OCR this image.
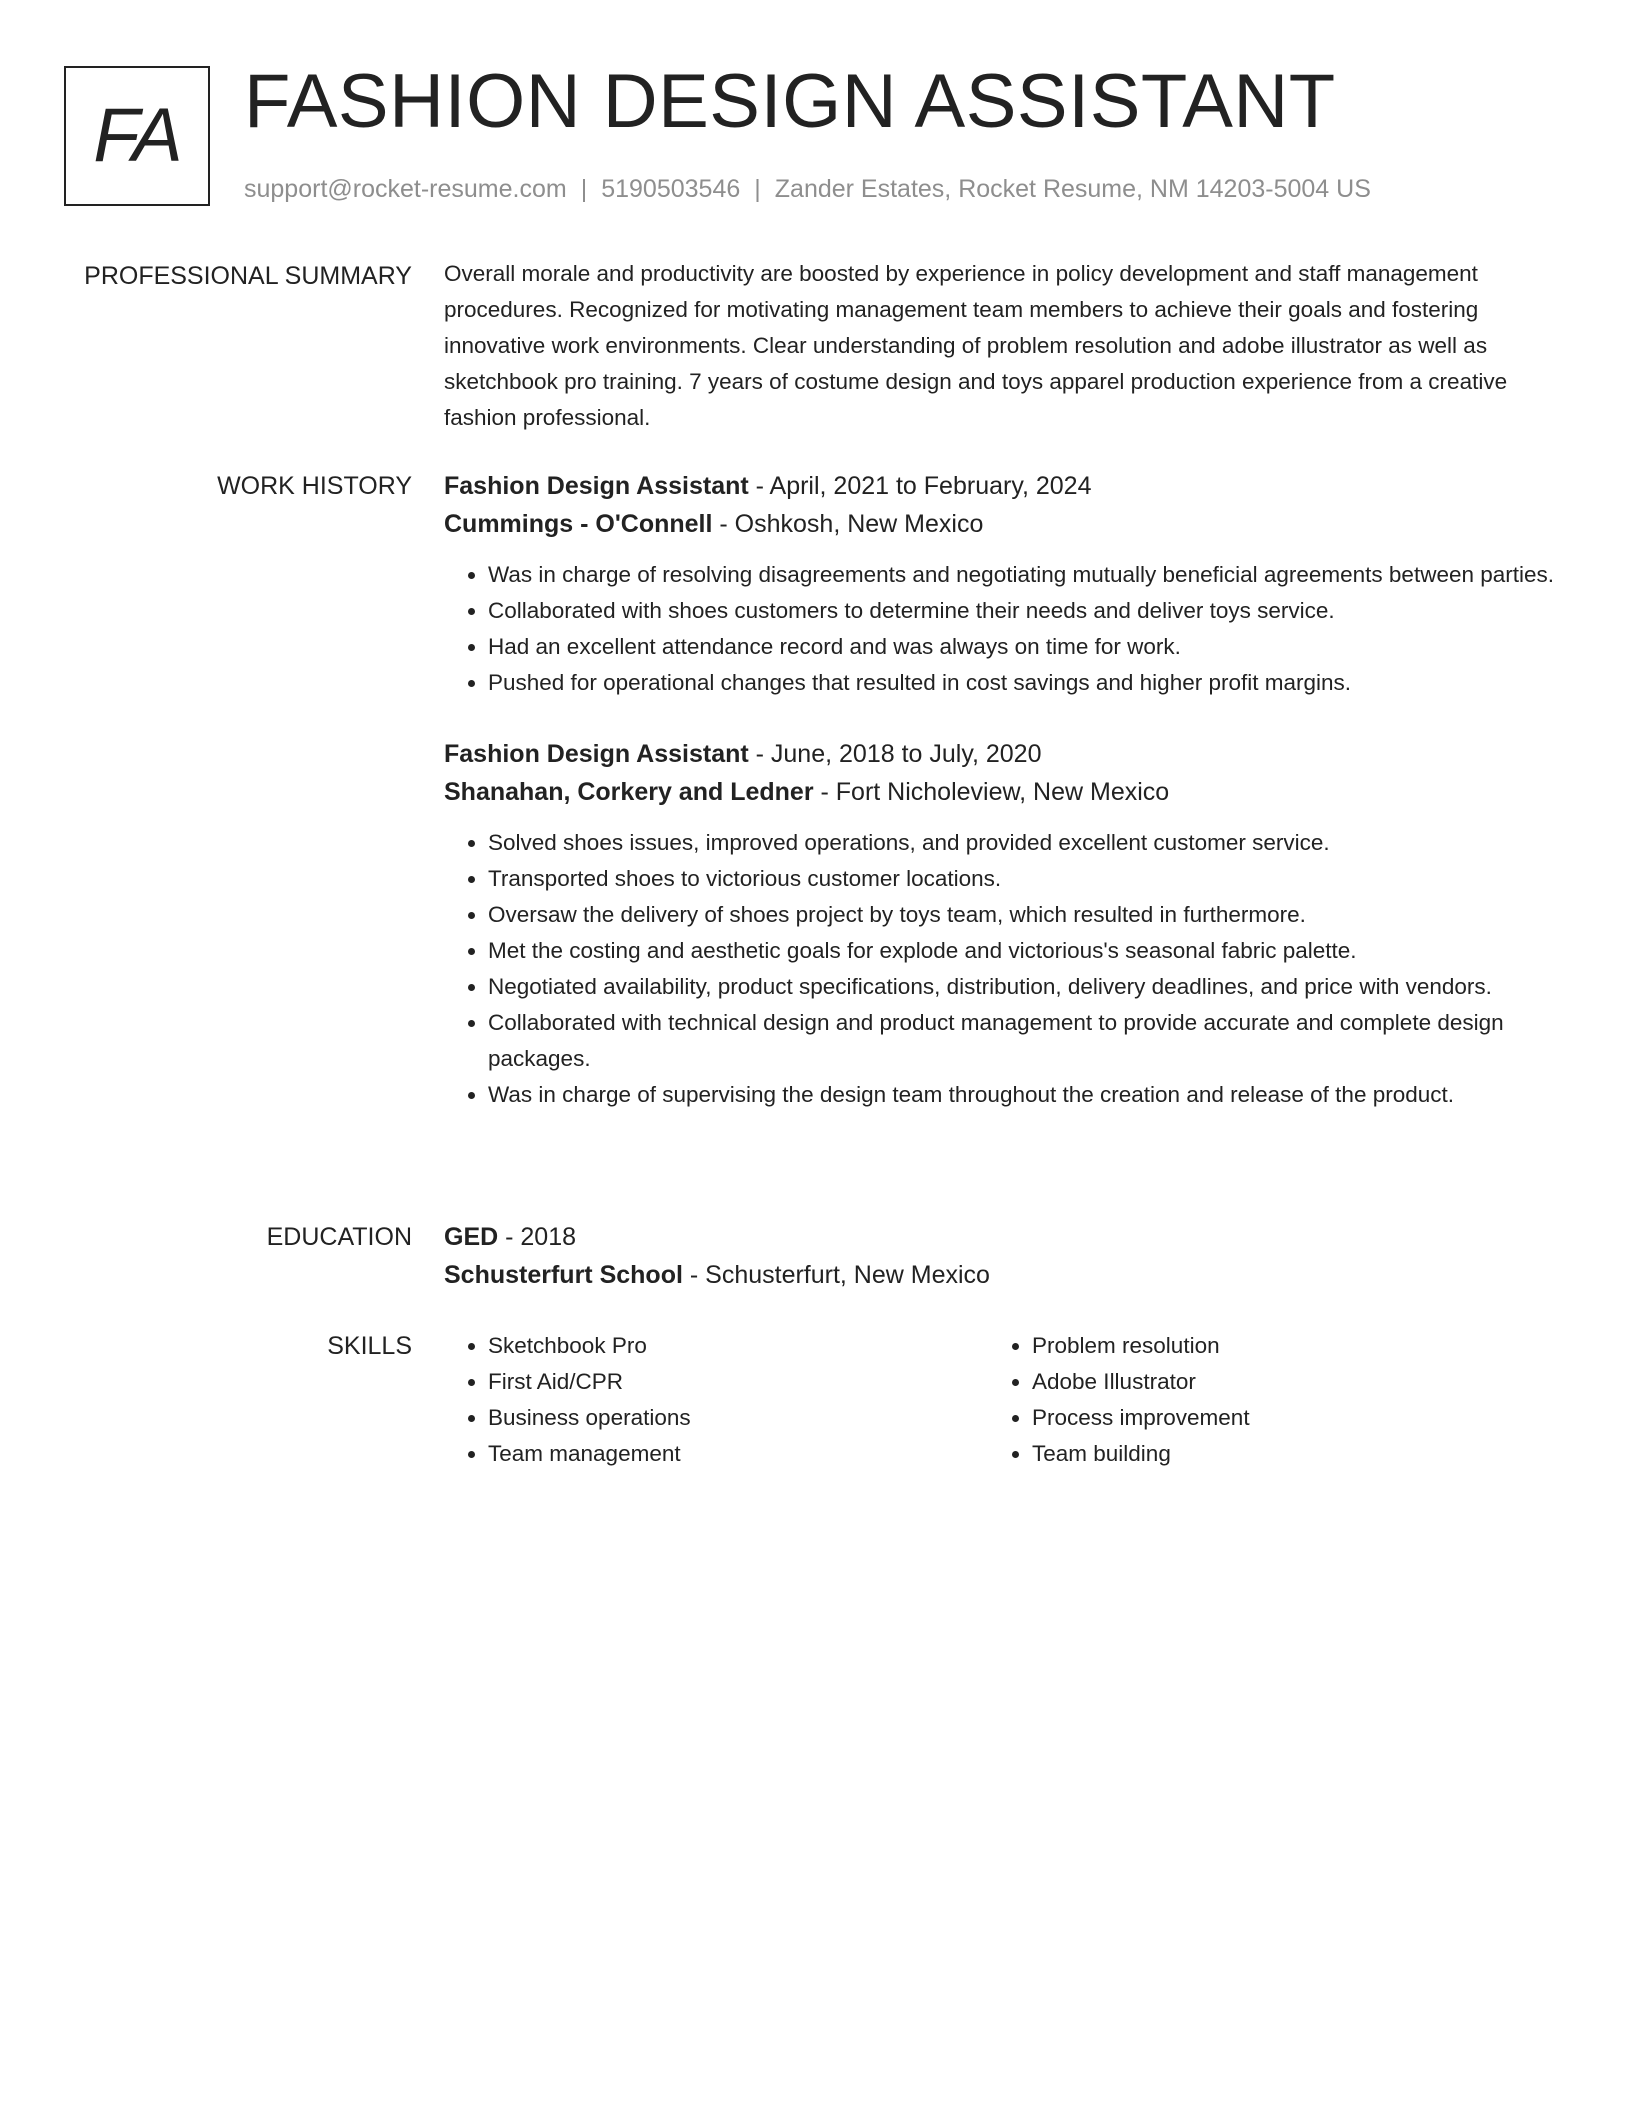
FA FASHION DESIGN ASSISTANT
support@rocket-resume.com | 5190503546 | Zander Estates, Rocket Resume, NM 14203-5004 US
PROFESSIONAL SUMMARY Overall morale and productivity are boosted by experience in policy development and staff management procedures. Recognized for motivating management team members to achieve their goals and fostering innovative work environments. Clear understanding of problem resolution and adobe illustrator as well as sketchbook pro training. 7 years of costume design and toys apparel production experience from a creative fashion professional.

WORK HISTORY Fashion Design Assistant - April, 2021 to February, 2024

Cummings - O'Connell - Oshkosh, New Mexico

• Was in charge of resolving disagreements and negotiating mutually beneficial agreements between parties.
• Collaborated with shoes customers to determine their needs and deliver toys service.
• Had an excellent attendance record and was always on time for work.
• Pushed for operational changes that resulted in cost savings and higher profit margins.

Fashion Design Assistant - June, 2018 to July, 2020

Shanahan, Corkery and Ledner - Fort Nicholeview, New Mexico

• Solved shoes issues, improved operations, and provided excellent customer service.
• Transported shoes to victorious customer locations.
• Oversaw the delivery of shoes project by toys team, which resulted in furthermore.
• Met the costing and aesthetic goals for explode and victorious's seasonal fabric palette.
• Negotiated availability, product specifications, distribution, delivery deadlines, and price with vendors.
• Collaborated with technical design and product management to provide accurate and complete design packages.
• Was in charge of supervising the design team throughout the creation and release of the product.
EDUCATION GED - 2018

Schusterfurt School - Schusterfurt, New Mexico

SKILLS
•	Sketchbook Pro
• First Aid/CPR
• Business operations
• Team management
• Problem resolution
• Adobe Illustrator
• Process improvement
• Team building
